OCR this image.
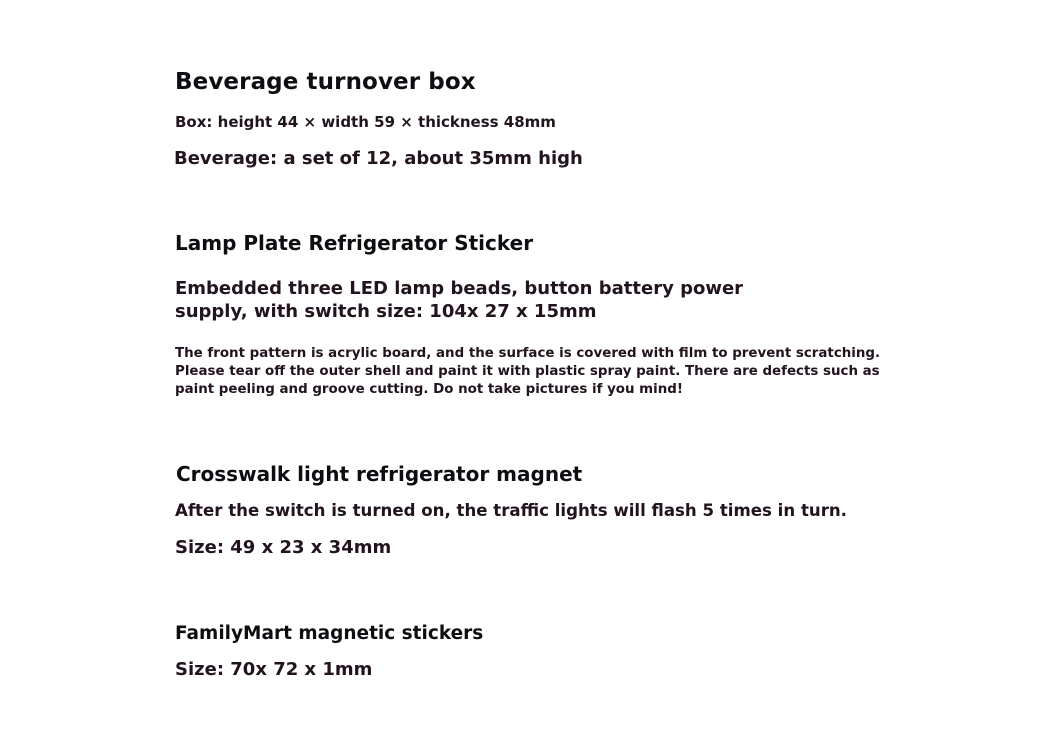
Beverage turnover box
Box: height 44 × width 59 × thickness 48mm
Beverage: a set of 12, about 35mm high
Lamp Plate Refrigerator Sticker
Embedded three LED lamp beads, button battery power
supply, with switch size: 104x 27 x 15mm
The front pattern is acrylic board, and the surface is covered with film to prevent scratching.
Please tear off the outer shell and paint it with plastic spray paint. There are defects such as
paint peeling and groove cutting. Do not take pictures if you mind!
Crosswalk light refrigerator magnet
After the switch is turned on, the traffic lights will flash 5 times in turn.
Size: 49 x 23 x 34mm
FamilyMart magnetic stickers
Size: 70x 72 x 1mm
